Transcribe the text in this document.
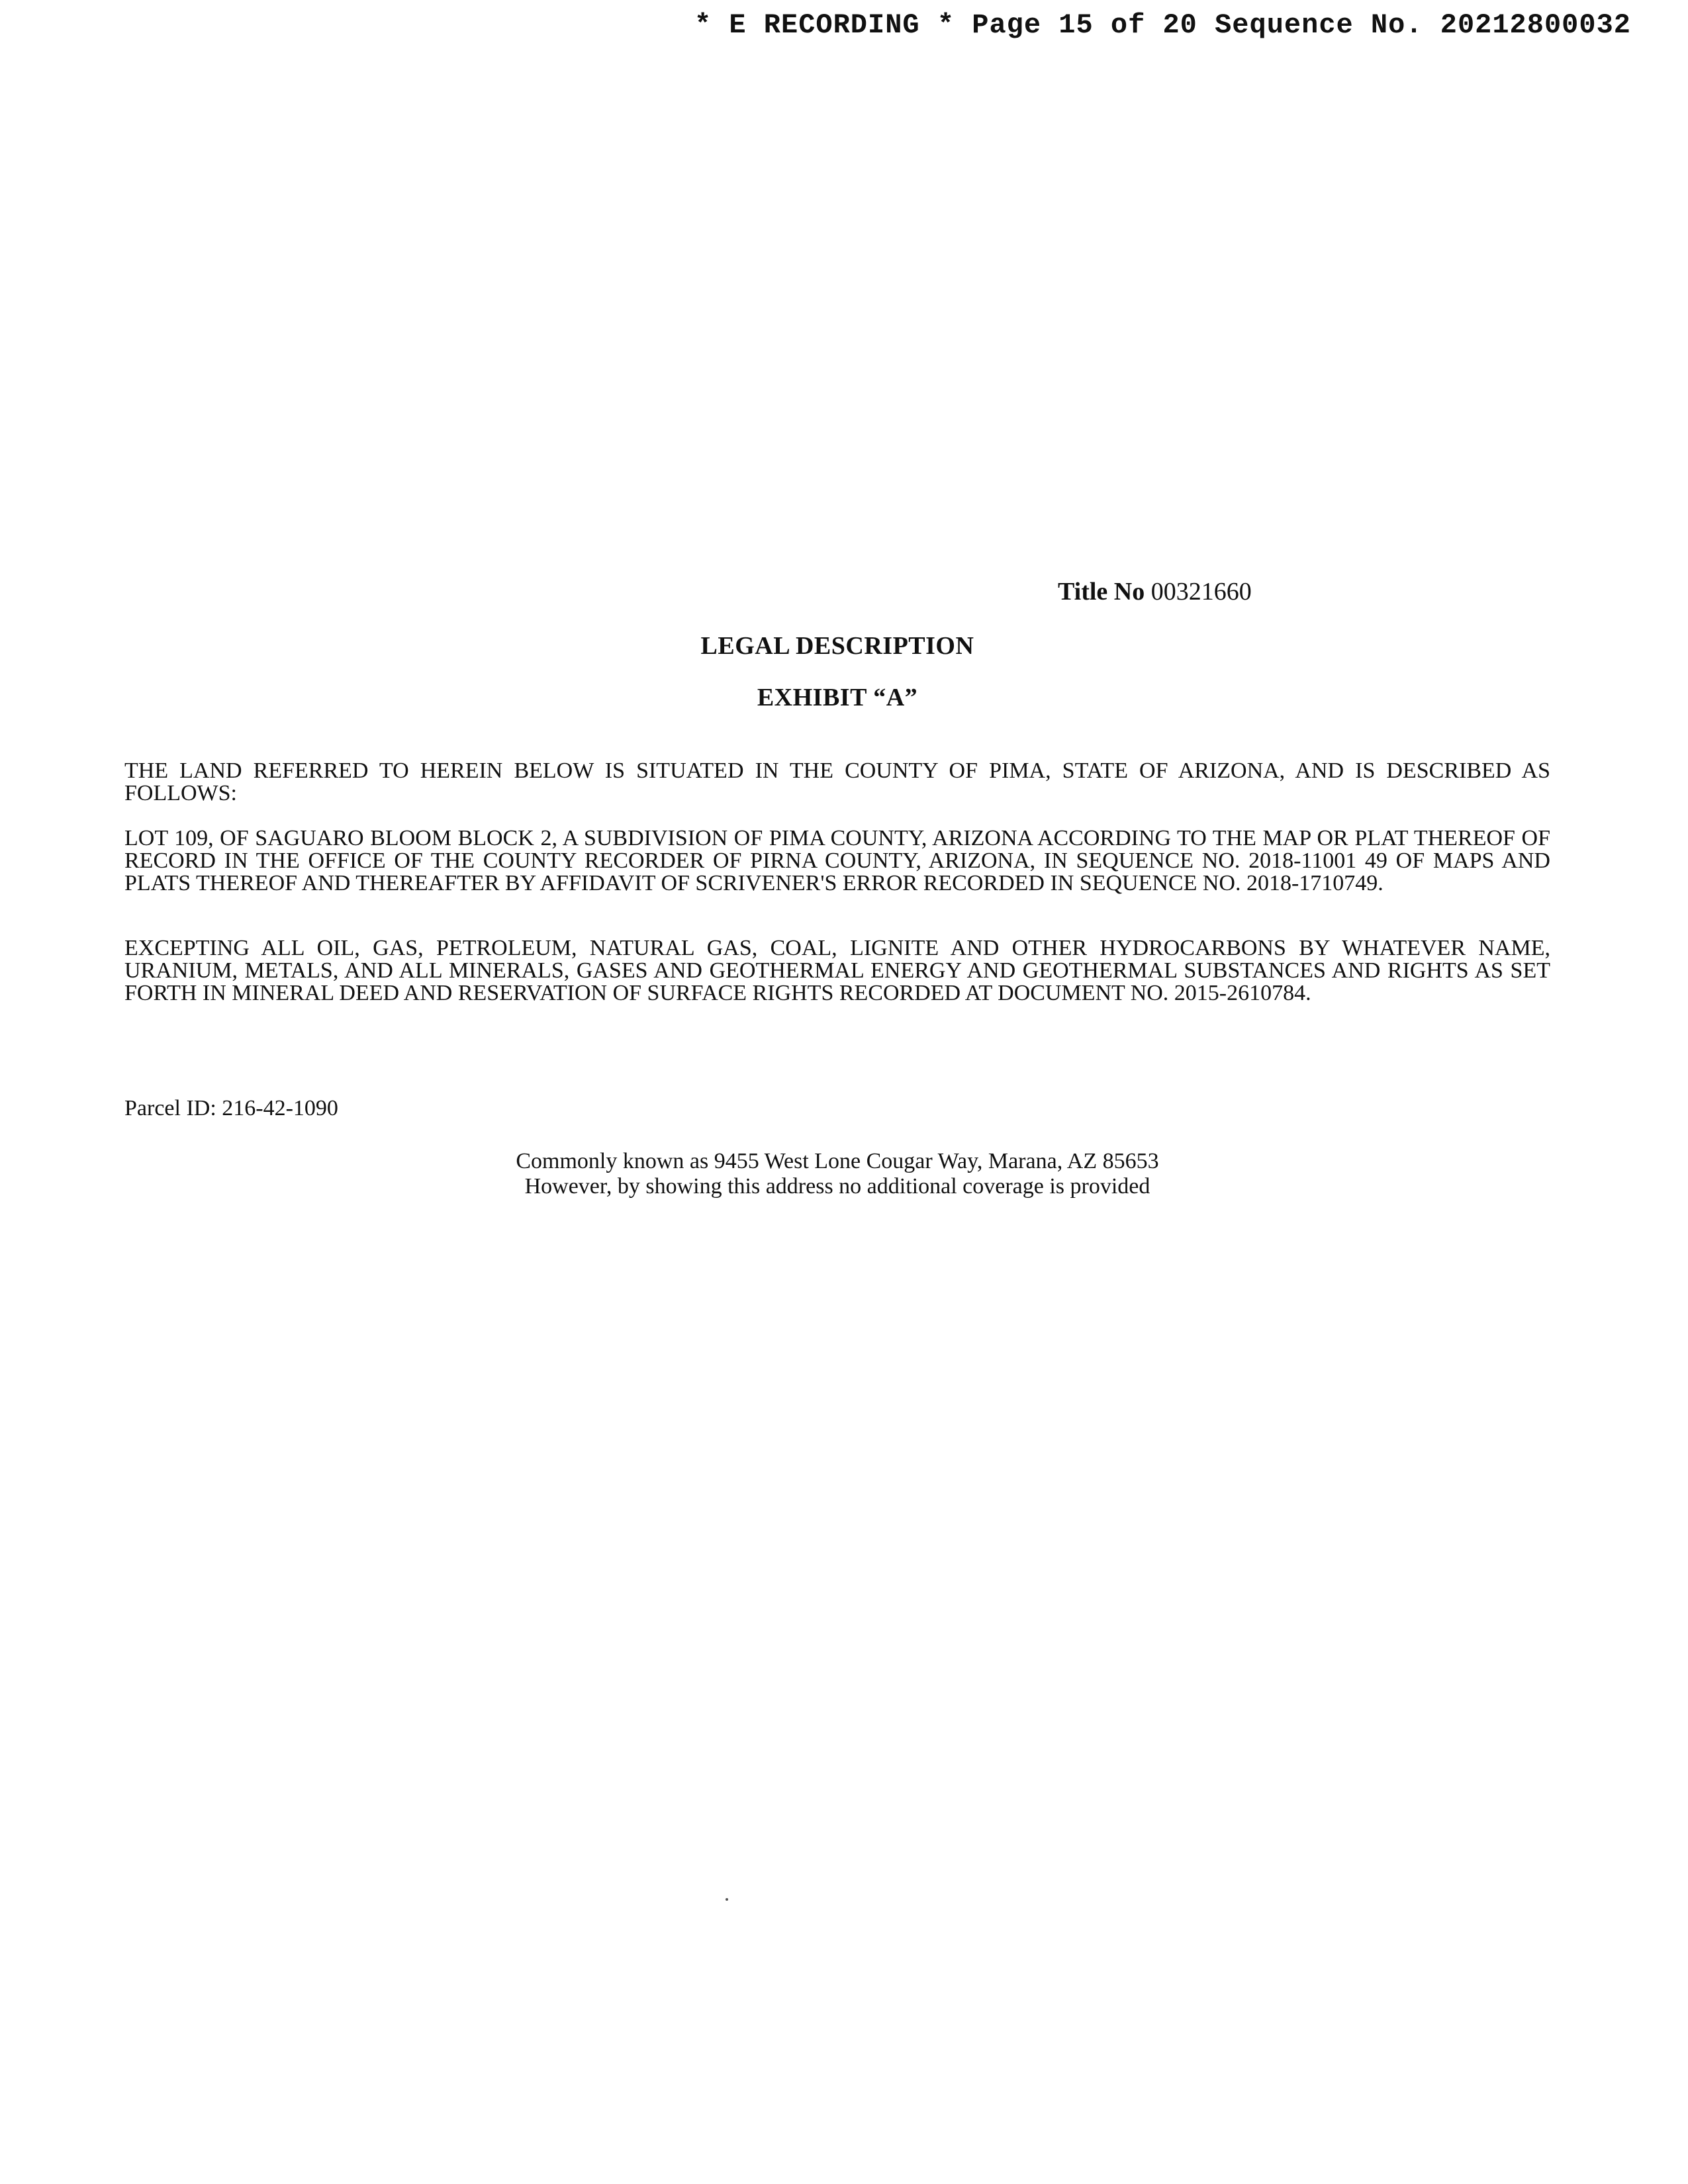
* E RECORDING * Page 15 of 20 Sequence No. 20212800032
Title No 00321660
LEGAL DESCRIPTION
EXHIBIT “A”

THE LAND REFERRED TO HEREIN BELOW IS SITUATED IN THE COUNTY OF PIMA, STATE OF ARIZONA, AND IS DESCRIBED AS FOLLOWS:

LOT 109, OF SAGUARO BLOOM BLOCK 2, A SUBDIVISION OF PIMA COUNTY, ARIZONA ACCORDING TO THE MAP OR PLAT THEREOF OF RECORD IN THE OFFICE OF THE COUNTY RECORDER OF PIRNA COUNTY, ARIZONA, IN SEQUENCE NO. 2018-11001 49 OF MAPS AND PLATS THEREOF AND THEREAFTER BY AFFIDAVIT OF SCRIVENER'S ERROR RECORDED IN SEQUENCE NO. 2018-1710749.

EXCEPTING ALL OIL, GAS, PETROLEUM, NATURAL GAS, COAL, LIGNITE AND OTHER HYDROCARBONS BY WHATEVER NAME, URANIUM, METALS, AND ALL MINERALS, GASES AND GEOTHERMAL ENERGY AND GEOTHERMAL SUBSTANCES AND RIGHTS AS SET FORTH IN MINERAL DEED AND RESERVATION OF SURFACE RIGHTS RECORDED AT DOCUMENT NO. 2015-2610784.

Parcel ID: 216-42-1090
Commonly known as 9455 West Lone Cougar Way, Marana, AZ 85653
However, by showing this address no additional coverage is provided
